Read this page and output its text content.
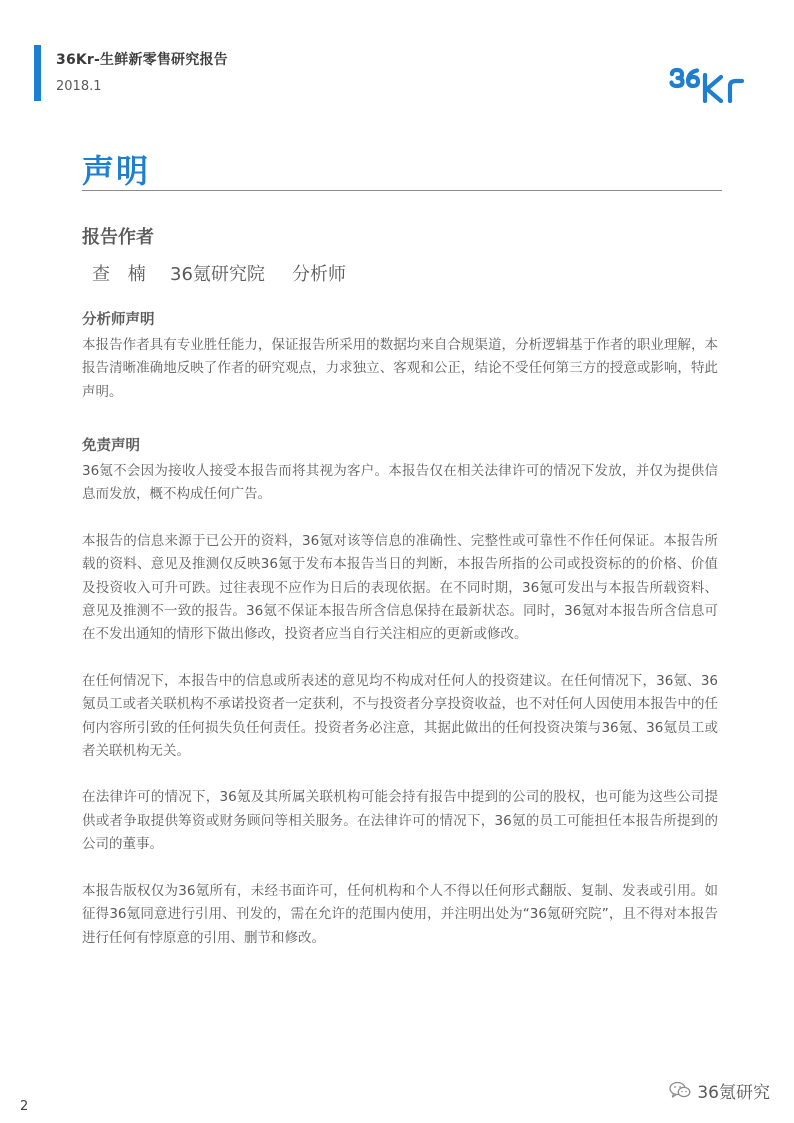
36Kr-生鲜新零售研究报告
2018.1
声明
报告作者
查 楠 36氪研究院 分析师
分析师声明

本报告作者具有专业胜任能力，保证报告所采用的数据均来自合规渠道，分析逻辑基于作者的职业理解，本报告清晰准确地反映了作者的研究观点，力求独立、客观和公正，结论不受任何第三方的授意或影响，特此声明。

免责声明

36氪不会因为接收人接受本报告而将其视为客户。本报告仅在相关法律许可的情况下发放，并仅为提供信息而发放，概不构成任何广告。

本报告的信息来源于已公开的资料，36氪对该等信息的准确性、完整性或可靠性不作任何保证。本报告所载的资料、意见及推测仅反映36氪于发布本报告当日的判断，本报告所指的公司或投资标的的价格、价值及投资收入可升可跌。过往表现不应作为日后的表现依据。在不同时期，36氪可发出与本报告所载资料、意见及推测不一致的报告。36氪不保证本报告所含信息保持在最新状态。同时，36氪对本报告所含信息可在不发出通知的情形下做出修改，投资者应当自行关注相应的更新或修改。

在任何情况下，本报告中的信息或所表述的意见均不构成对任何人的投资建议。在任何情况下，36氪、36氪员工或者关联机构不承诺投资者一定获利，不与投资者分享投资收益，也不对任何人因使用本报告中的任何内容所引致的任何损失负任何责任。投资者务必注意，其据此做出的任何投资决策与36氪、36氪员工或者关联机构无关。

在法律许可的情况下，36氪及其所属关联机构可能会持有报告中提到的公司的股权，也可能为这些公司提供或者争取提供筹资或财务顾问等相关服务。在法律许可的情况下，36氪的员工可能担任本报告所提到的公司的董事。

本报告版权仅为36氪所有，未经书面许可，任何机构和个人不得以任何形式翻版、复制、发表或引用。如征得36氪同意进行引用、刊发的，需在允许的范围内使用，并注明出处为“36氪研究院”，且不得对本报告进行任何有悖原意的引用、删节和修改。

2
36氪研究
